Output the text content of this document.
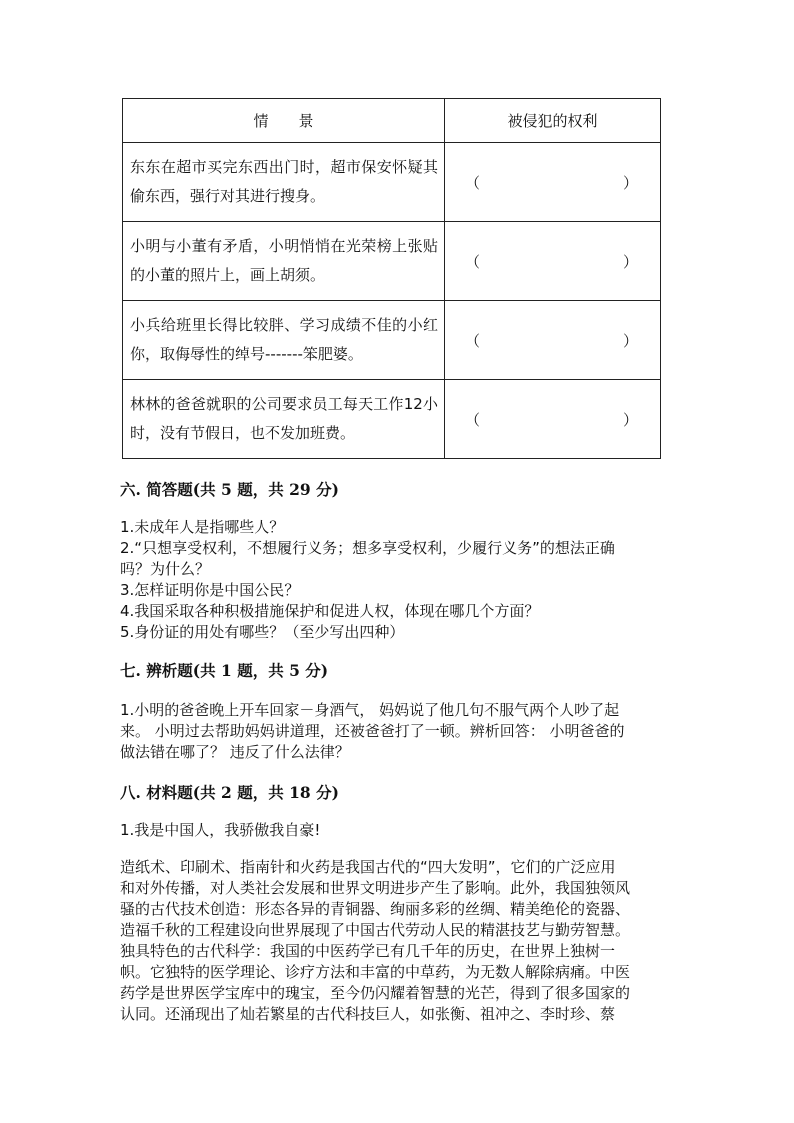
情　　景	被侵犯的权利
东东在超市买完东西出门时，超市保安怀疑其偷东西，强行对其进行搜身。	（ ）

小明与小董有矛盾，小明悄悄在光荣榜上张贴的小董的照片上，画上胡须。	（ ）

小兵给班里长得比较胖、学习成绩不佳的小红你，取侮辱性的绰号-------笨肥婆。	（ ）

林林的爸爸就职的公司要求员工每天工作12小时，没有节假日，也不发加班费。	（ ）
六. 简答题(共 5 题，共 29 分)
1.未成年人是指哪些人？
2.“只想享受权利，不想履行义务；想多享受权利，少履行义务”的想法正确
吗？为什么？
3.怎样证明你是中国公民？
4.我国采取各种积极措施保护和促进人权，体现在哪几个方面？
5.身份证的用处有哪些？（至少写出四种）
七. 辨析题(共 1 题，共 5 分)
1.小明的爸爸晚上开车回家－身酒气， 妈妈说了他几句不服气两个人吵了起
来。 小明过去帮助妈妈讲道理，还被爸爸打了一顿。辨析回答： 小明爸爸的
做法错在哪了？ 违反了什么法律？
八. 材料题(共 2 题，共 18 分)
1.我是中国人，我骄傲我自豪!
造纸术、印刷术、指南针和火药是我国古代的“四大发明”，它们的广泛应用
和对外传播，对人类社会发展和世界文明进步产生了影响。此外，我国独领风
骚的古代技术创造：形态各异的青铜器、绚丽多彩的丝绸、精美绝伦的瓷器、
造福千秋的工程建设向世界展现了中国古代劳动人民的精湛技艺与勤劳智慧。
独具特色的古代科学：我国的中医药学已有几千年的历史，在世界上独树一
帜。它独特的医学理论、诊疗方法和丰富的中草药，为无数人解除病痛。中医
药学是世界医学宝库中的瑰宝，至今仍闪耀着智慧的光芒，得到了很多国家的
认同。还涌现出了灿若繁星的古代科技巨人，如张衡、祖冲之、李时珍、蔡
